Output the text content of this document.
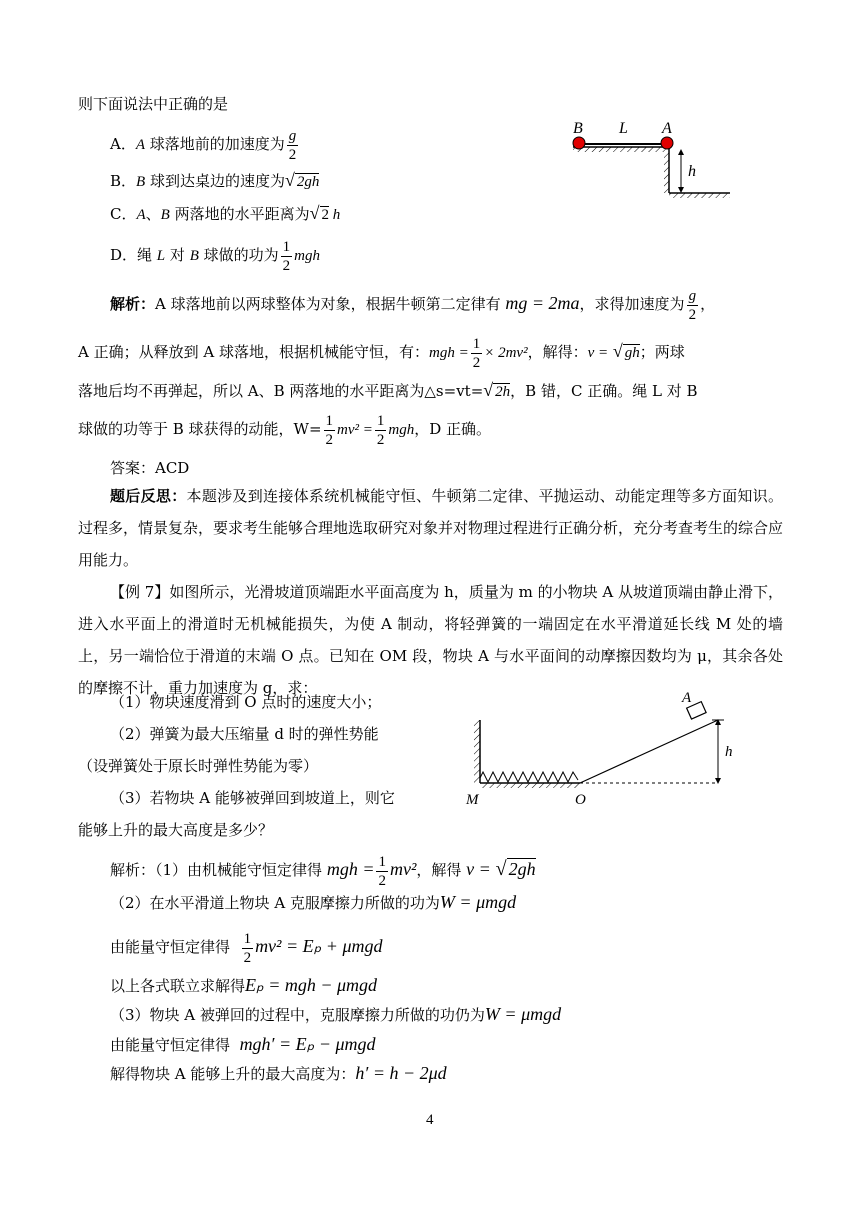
则下面说法中正确的是
A．A 球落地前的加速度为 $\frac{g}{2}$
B．B 球到达桌边的速度为√ 2gh
C．A、B 两落地的水平距离为√ 2 h
D．绳 L 对 B 球做的功为 $\frac{1}{2}$ mgh
B L A
h
解析：A 球落地前以两球整体为对象，根据牛顿第二定律有 mg = 2ma，求得加速度为 $\frac{g}{2}$ ，
A 正确；从释放到 A 球落地，根据机械能守恒，有：mgh = $\frac{1}{2} \times 2mv^2$，解得：v = √ gh；两球
落地后均不再弹起，所以 A、B 两落地的水平距离为△s=vt=√ 2h，B 错，C 正确。绳 L 对 B
球做的功等于 B 球获得的动能，$W= \frac{1}{2} mv^2 = \frac{1}{2}$ mgh，D 正确。
答案：ACD
题后反思：本题涉及到连接体系统机械能守恒、牛顿第二定律、平抛运动、动能定理等多方面知识。过程多，情景复杂，要求考生能够合理地选取研究对象并对物理过程进行正确分析，充分考查考生的综合应用能力。
【例 7】如图所示，光滑坡道顶端距水平面高度为 h，质量为 m 的小物块 A 从坡道顶端由静止滑下，进入水平面上的滑道时无机械能损失，为使 A 制动，将轻弹簧的一端固定在水平滑道延长线 M 处的墙上，另一端恰位于滑道的末端 O 点。已知在 OM 段，物块 A 与水平面间的动摩擦因数均为 μ，其余各处的摩擦不计，重力加速度为 g，求：
（1）物块速度滑到 O 点时的速度大小；
（2）弹簧为最大压缩量 d 时的弹性势能
（设弹簧处于原长时弹性势能为零）
（3）若物块 A 能够被弹回到坡道上，则它
能够上升的最大高度是多少？
A
h
M	O
解析：（1）由机械能守恒定律得 mgh = $\frac{1}{2} mv^2$，解得 v = √ 2gh
（2）在水平滑道上物块 A 克服摩擦力所做的功为W = μmgd
由能量守恒定律得 $\frac{1}{2} mv^2 = E_p + \mu mgd$
以上各式联立求解得Eₚ = mgh − μmgd
（3）物块 A 被弹回的过程中，克服摩擦力所做的功仍为W = μmgd
由能量守恒定律得 mgh′ = Eₚ − μmgd
解得物块 A 能够上升的最大高度为：h′ = h − 2μd
4
